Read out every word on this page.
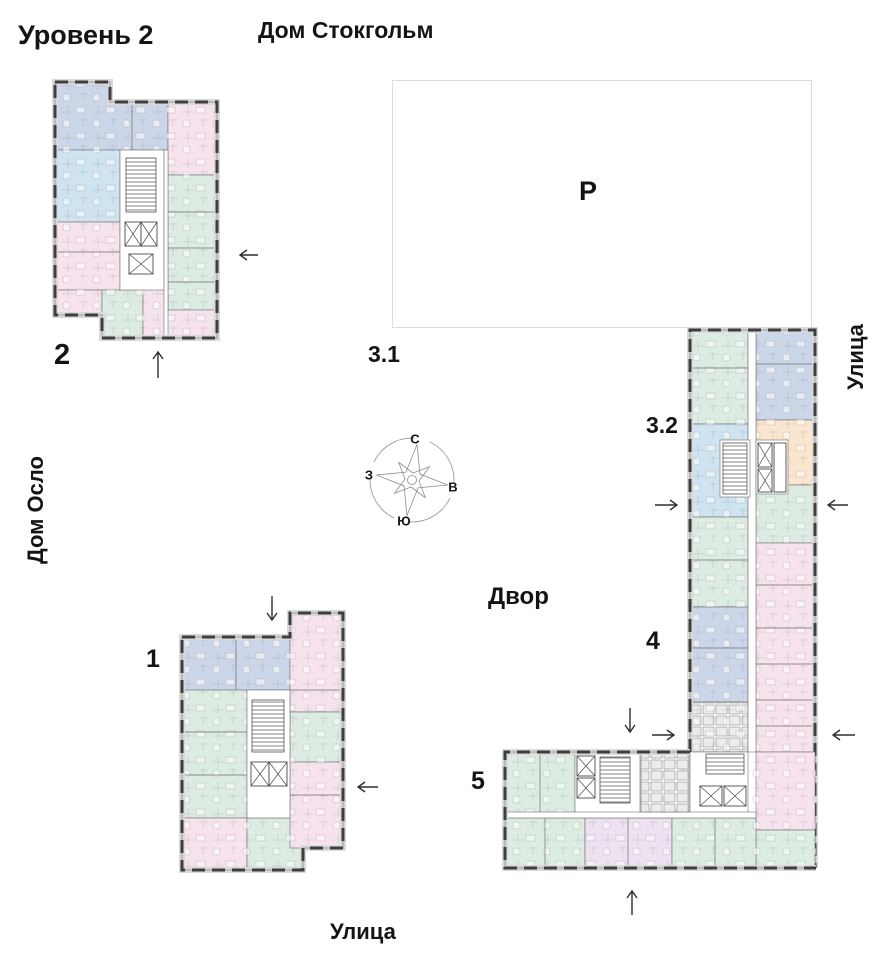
Уровень 2	Дом Стокгольм
Дом Осло
Улица
Улица
Двор
Р
2	3.1
3.2
4
1
5
С
Ю
З
В
